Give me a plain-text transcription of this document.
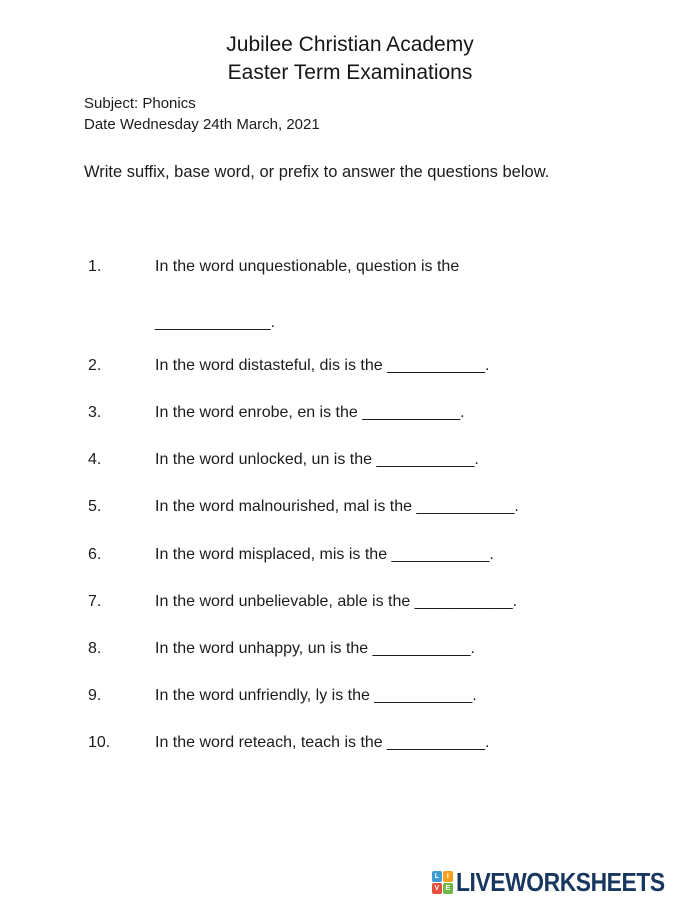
Jubilee Christian Academy
Easter Term Examinations
Subject: Phonics
Date Wednesday 24th March, 2021
Write suffix, base word, or prefix to answer the questions below.
1.	In the word unquestionable, question is the
_____________.
2.	In the word distasteful, dis is the ___________.
3.	In the word enrobe, en is the ___________.
4.	In the word unlocked, un is the ___________.
5.	In the word malnourished, mal is the ___________.
6.	In the word misplaced, mis is the ___________.
7.	In the word unbelievable, able is the ___________.
8.	In the word unhappy, un is the ___________.
9.	In the word unfriendly, ly is the ___________.
10.	In the word reteach, teach is the ___________.
L	I
V E LIVEWORKSHEETS
